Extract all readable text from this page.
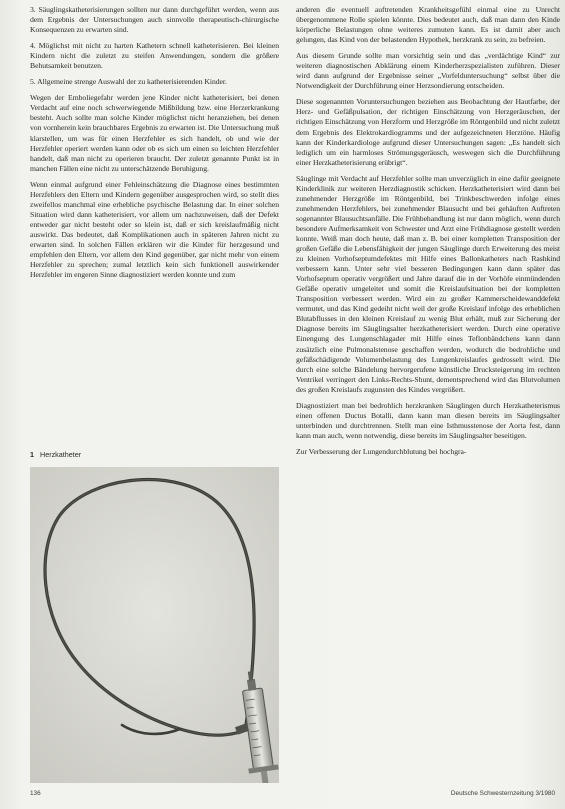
3. Säuglingskatheterisierungen sollten nur dann durchgeführt werden, wenn aus dem Ergebnis der Untersuchungen auch sinnvolle therapeutisch-chirurgische Konsequenzen zu erwarten sind.

4. Möglichst mit nicht zu harten Kathetern schnell katheterisieren. Bei kleinen Kindern nicht die zuletzt zu steifen Anwendungen, sondern die größere Behutsamkeit benutzen.

5. Allgemeine strenge Auswahl der zu katheterisierenden Kinder.

Wegen der Emboliegefahr werden jene Kinder nicht katheterisiert, bei denen Verdacht auf eine noch schwerwiegende Mißbildung bzw. eine Herzerkrankung besteht. Auch sollte man solche Kinder möglichst nicht heranziehen, bei denen von vornherein kein brauchbares Ergebnis zu erwarten ist. Die Untersuchung muß klarstellen, um was für einen Herzfehler es sich handelt, ob und wie der Herzfehler operiert werden kann oder ob es sich um einen so leichten Herzfehler handelt, daß man nicht zu operieren braucht. Der zuletzt genannte Punkt ist in manchen Fällen eine nicht zu unterschätzende Beruhigung.

Wenn einmal aufgrund einer Fehleinschätzung die Diagnose eines bestimmten Herzfehlers den Eltern und Kindern gegenüber ausgesprochen wird, so stellt dies zweifellos manchmal eine erhebliche psychische Belastung dar. In einer solchen Situation wird dann katheterisiert, vor allem um nachzuweisen, daß der Defekt entweder gar nicht besteht oder so klein ist, daß er sich kreislaufmäßig nicht auswirkt. Das bedeutet, daß Komplikationen auch in späteren Jahren nicht zu erwarten sind. In solchen Fällen erklären wir die Kinder für herzgesund und empfehlen den Eltern, vor allem den Kind gegenüber, gar nicht mehr von einem Herzfehler zu sprechen; zumal letztlich kein sich funktionell auswirkender Herzfehler im engeren Sinne diagnostiziert werden konnte und zum

1 Herzkatheter

anderen die eventuell auftretenden Krankheitsgefühl einmal eine zu Unrecht übergenommene Rolle spielen könnte. Dies bedeutet auch, daß man dann den Kinde körperliche Belastungen ohne weiteres zumuten kann. Es ist damit aber auch gelungen, das Kind von der belastenden Hypothek, herzkrank zu sein, zu befreien.

Aus diesem Grunde sollte man vorsichtig sein und das „verdächtige Kind“ zur weiteren diagnostischen Abklärung einem Kinderherzspezialisten zuführen. Dieser wird dann aufgrund der Ergebnisse seiner „Vorfelduntersuchung“ selbst über die Notwendigkeit der Durchführung einer Herzsondierung entscheiden.

Diese sogenannten Voruntersuchungen beziehen aus Beobachtung der Hautfarbe, der Herz- und Gefäßpulsation, der richtigen Einschätzung von Herzgeräuschen, der richtigen Einschätzung von Herzform und Herzgröße im Röntgenbild und nicht zuletzt dem Ergebnis des Elektrokardiogramms und der aufgezeichneten Herztöne. Häufig kann der Kinderkardiologe aufgrund dieser Untersuchungen sagen: „Es handelt sich lediglich um ein harmloses Strömungsgeräusch, weswegen sich die Durchführung einer Herzkatheterisierung erübrigt“.

Säuglinge mit Verdacht auf Herzfehler sollte man unverzüglich in eine dafür geeignete Kinderklinik zur weiteren Herzdiagnostik schicken. Herzkatheterisiert wird dann bei zunehmender Herzgröße im Röntgenbild, bei Trinkbeschwerden infolge eines zunehmenden Herzfehlers, bei zunehmender Blausucht und bei gehäuften Auftreten sogenannter Blausuchtsanfälle. Die Frühbehandlung ist nur dann möglich, wenn durch besondere Aufmerksamkeit von Schwester und Arzt eine Frühdiagnose gestellt werden konnte. Weiß man doch heute, daß man z. B. bei einer kompletten Transposition der großen Gefäße die Lebensfähigkeit der jungen Säuglinge durch Erweiterung des meist zu kleinen Vorhofseptumdefektes mit Hilfe eines Ballonkatheters nach Rashkind verbessern kann. Unter sehr viel besseren Bedingungen kann dann später das Vorhofseptum operativ vergrößert und Jahre darauf die in der Vorhöfe einmündenden Gefäße operativ umgeleitet und somit die Kreislaufsituation bei der kompletten Transposition verbessert werden. Wird ein zu großer Kammerscheidewanddefekt vermutet, und das Kind gedeiht nicht weil der große Kreislauf infolge des erheblichen Blutabflusses in den kleinen Kreislauf zu wenig Blut erhält, muß zur Sicherung der Diagnose bereits im Säuglingsalter herzkatheterisiert werden. Durch eine operative Einengung des Lungenschlagader mit Hilfe eines Teflonbändchens kann dann zusätzlich eine Pulmonalstenose geschaffen werden, wodurch die bedrohliche und gefäßschädigende Volumenbelastung des Lungenkreislaufes gedrosselt wird. Die durch eine solche Bändelung hervorgerufene künstliche Drucksteigerung im rechten Ventrikel verringert den Links-Rechts-Shunt, dementsprechend wird das Blutvolumen des großen Kreislaufs zugunsten des Kindes vergrößert.

Diagnostiziert man bei bedrohlich herzkranken Säuglingen durch Herzkatheterismus einen offenen Ductus Botalli, dann kann man diesen bereits im Säuglingsalter unterbinden und durchtrennen. Stellt man eine Isthmusstenose der Aorta fest, dann kann man auch, wenn notwendig, diese bereits im Säuglingsalter beseitigen.

Zur Verbesserung der Lungendurchblutung bei hochgra-

136	Deutsche Schwesternzeitung 3/1980
